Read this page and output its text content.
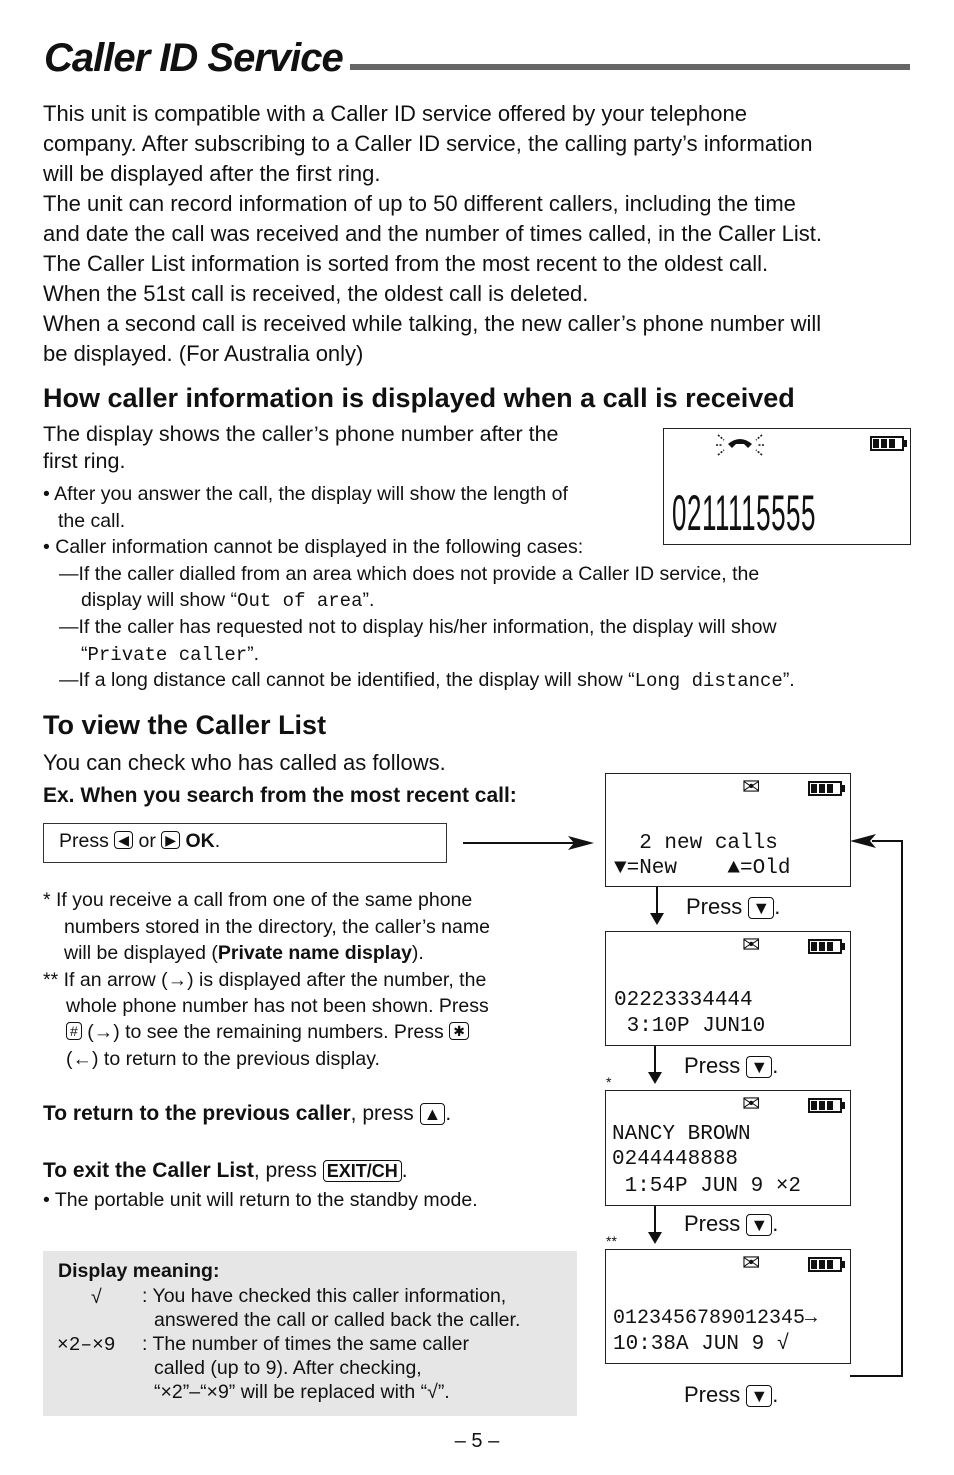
Caller ID Service
This unit is compatible with a Caller ID service offered by your telephone
company. After subscribing to a Caller ID service, the calling party’s information
will be displayed after the first ring.
The unit can record information of up to 50 different callers, including the time
and date the call was received and the number of times called, in the Caller List.
The Caller List information is sorted from the most recent to the oldest call.
When the 51st call is received, the oldest call is deleted.
When a second call is received while talking, the new caller’s phone number will
be displayed. (For Australia only)
How caller information is displayed when a call is received
The display shows the caller’s phone number after the
first ring.
• After you answer the call, the display will show the length of
the call.
• Caller information cannot be displayed in the following cases:
—If the caller dialled from an area which does not provide a Caller ID service, the
display will show “Out of area”.
—If the caller has requested not to display his/her information, the display will show
“Private caller”.
—If a long distance call cannot be identified, the display will show “Long distance”.
0211115555
To view the Caller List
You can check who has called as follows.
Ex. When you search from the most recent call:
Press ◀ or ▶ OK.
* If you receive a call from one of the same phone
numbers stored in the directory, the caller’s name
will be displayed (Private name display).
** If an arrow (→) is displayed after the number, the
whole phone number has not been shown. Press
# (→) to see the remaining numbers. Press ✱
(←) to return to the previous display.
To return to the previous caller, press ▲ .
To exit the Caller List, press EXIT/CH .
• The portable unit will return to the standby mode.
Display meaning:
√ : You have checked this caller information,
answered the call or called back the caller.
×2–×9 : The number of times the same caller
called (up to 9). After checking,
“×2”–“×9” will be replaced with “√”.
✉
2 new calls
▼=New    ▲=Old
Press ▼ .
✉
02223334444
3:10P JUN10
*
Press ▼ .
✉
NANCY BROWN
0244448888
1:54P JUN 9 ×2
**
Press ▼ .
✉
0123456789012345→
10:38A JUN 9 √
Press ▼ .
– 5 –
